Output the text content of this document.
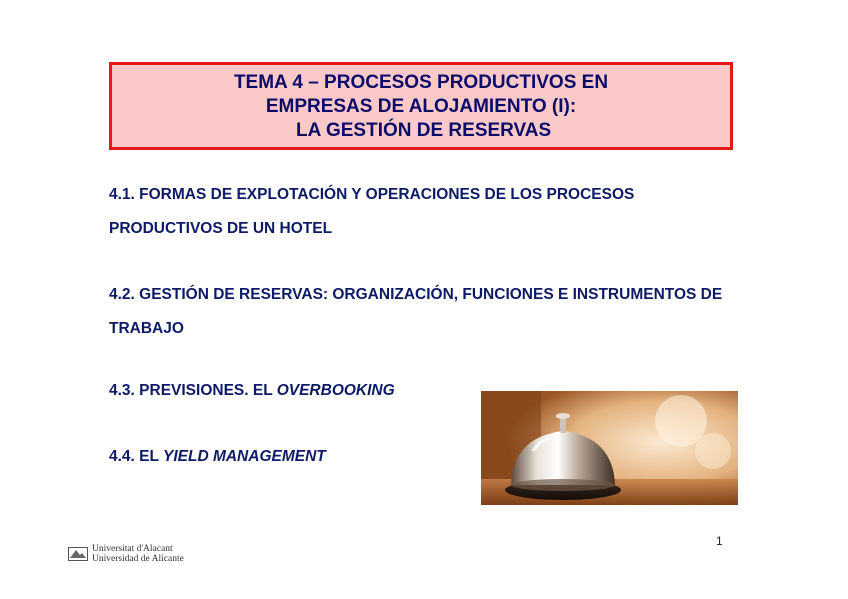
TEMA 4 – PROCESOS PRODUCTIVOS EN
EMPRESAS DE ALOJAMIENTO (I):
LA GESTIÓN DE RESERVAS
4.1. FORMAS DE EXPLOTACIÓN Y OPERACIONES DE LOS PROCESOS PRODUCTIVOS DE UN HOTEL
4.2. GESTIÓN DE RESERVAS: ORGANIZACIÓN, FUNCIONES E INSTRUMENTOS DE TRABAJO
4.3. PREVISIONES. EL OVERBOOKING
4.4. EL YIELD MANAGEMENT
Universitat d'Alacant
Universidad de Alicante
1
